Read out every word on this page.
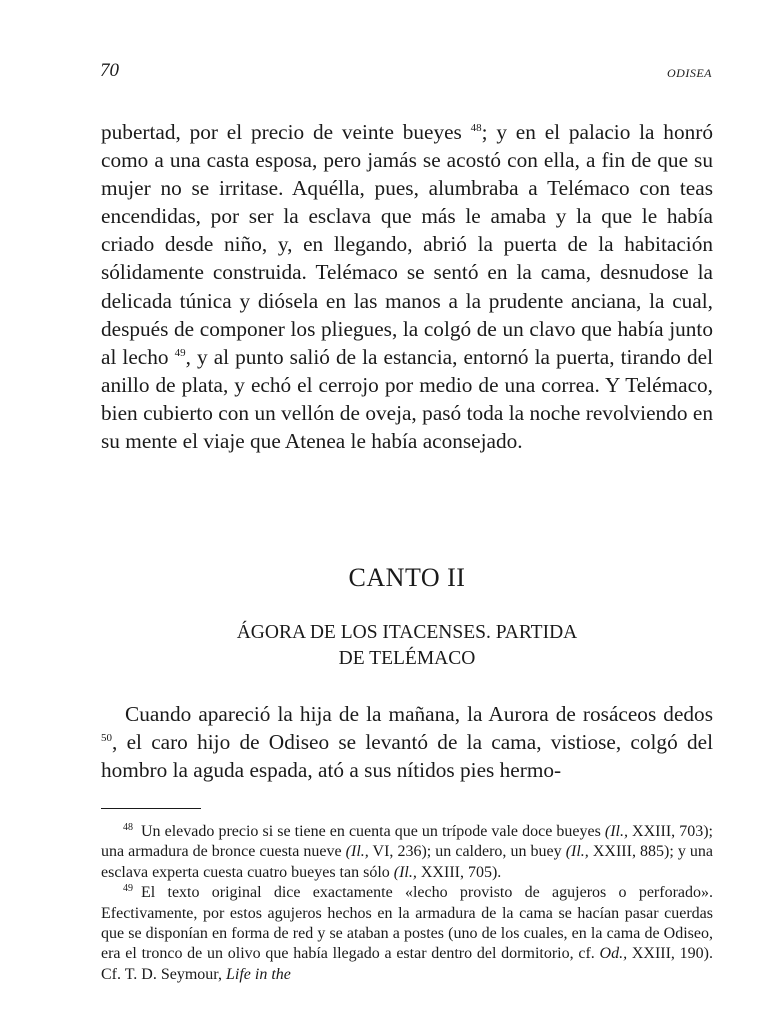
70	ODISEA

pubertad, por el precio de veinte bueyes $^{48}$; y en el palacio la honró como a una casta esposa, pero jamás se acostó con ella, a fin de que su mujer no se irritase. Aquélla, pues, alumbraba a Telémaco con teas encendidas, por ser la esclava que más le amaba y la que le había criado desde niño, y, en llegando, abrió la puerta de la habitación sólidamente construida. Telémaco se sentó en la cama, desnudose la delicada túnica y diósela en las manos a la prudente anciana, la cual, después de componer los pliegues, la colgó de un clavo que había junto al lecho $^{49}$, y al punto salió de la estancia, entornó la puerta, tirando del anillo de plata, y echó el cerrojo por medio de una correa. Y Telémaco, bien cubierto con un vellón de oveja, pasó toda la noche revolviendo en su mente el viaje que Atenea le había aconsejado.

CANTO II
ÁGORA DE LOS ITACENSES. PARTIDA
DE TELÉMACO

Cuando apareció la hija de la mañana, la Aurora de rosáceos dedos $^{50}$, el caro hijo de Odiseo se levantó de la cama, vistiose, colgó del hombro la aguda espada, ató a sus nítidos pies hermo-

$^{48}$ Un elevado precio si se tiene en cuenta que un trípode vale doce bueyes (Il., XXIII, 703); una armadura de bronce cuesta nueve (Il., VI, 236); un caldero, un buey (Il., XXIII, 885); y una esclava experta cuesta cuatro bueyes tan sólo (Il., XXIII, 705).

$^{49}$ El texto original dice exactamente «lecho provisto de agujeros o perforado». Efectivamente, por estos agujeros hechos en la armadura de la cama se hacían pasar cuerdas que se disponían en forma de red y se ataban a postes (uno de los cuales, en la cama de Odiseo, era el tronco de un olivo que había llegado a estar dentro del dormitorio, cf. Od., XXIII, 190). Cf. T. D. Seymour, Life in the
